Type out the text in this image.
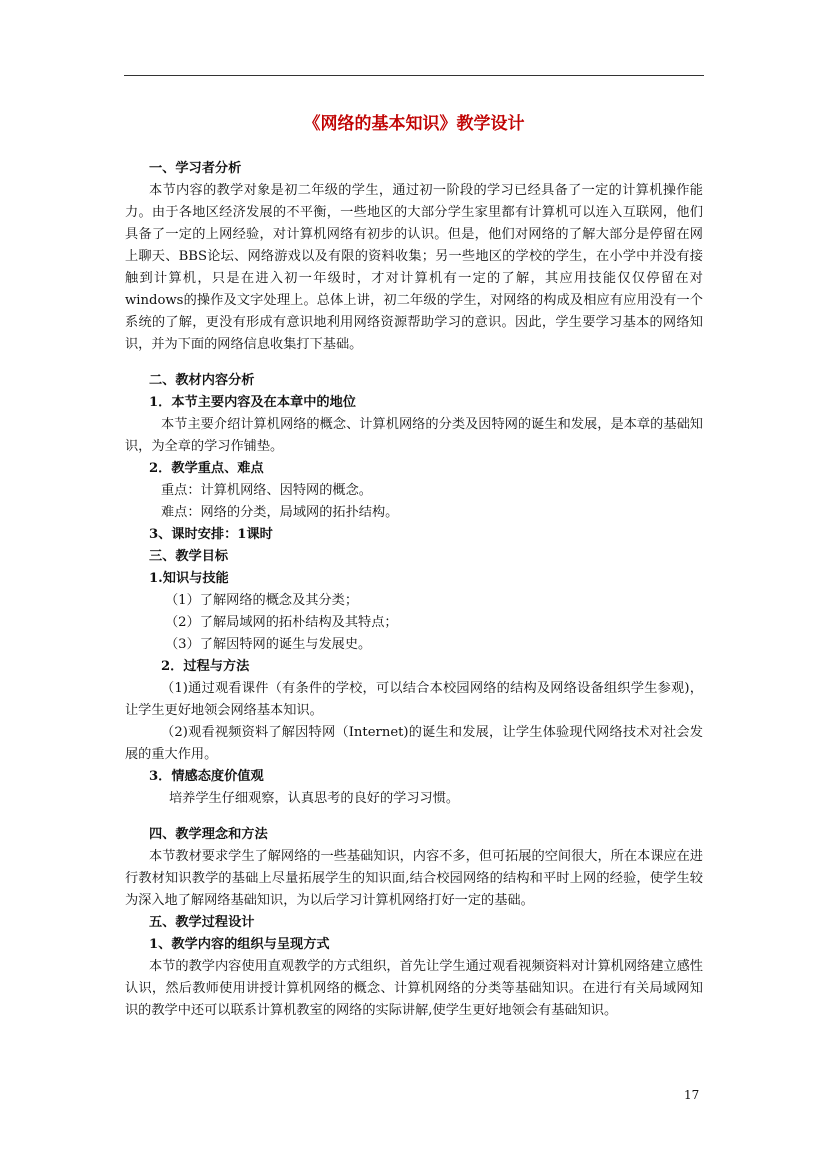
《网络的基本知识》教学设计

一、学习者分析

本节内容的教学对象是初二年级的学生，通过初一阶段的学习已经具备了一定的计算机操作能力。由于各地区经济发展的不平衡，一些地区的大部分学生家里都有计算机可以连入互联网，他们具备了一定的上网经验，对计算机网络有初步的认识。但是，他们对网络的了解大部分是停留在网上聊天、BBS论坛、网络游戏以及有限的资料收集；另一些地区的学校的学生，在小学中并没有接触到计算机，只是在进入初一年级时，才对计算机有一定的了解，其应用技能仅仅停留在对windows的操作及文字处理上。总体上讲，初二年级的学生，对网络的构成及相应有应用没有一个系统的了解，更没有形成有意识地利用网络资源帮助学习的意识。因此，学生要学习基本的网络知识，并为下面的网络信息收集打下基础。

二、教材内容分析

1．本节主要内容及在本章中的地位

本节主要介绍计算机网络的概念、计算机网络的分类及因特网的诞生和发展，是本章的基础知识，为全章的学习作铺垫。

2．教学重点、难点

重点：计算机网络、因特网的概念。

难点：网络的分类，局域网的拓扑结构。

3、课时安排：1课时

三、教学目标

1.知识与技能

（1）了解网络的概念及其分类；

（2）了解局域网的拓朴结构及其特点；

（3）了解因特网的诞生与发展史。

2．过程与方法

（1)通过观看课件（有条件的学校，可以结合本校园网络的结构及网络设备组织学生参观)，让学生更好地领会网络基本知识。

（2)观看视频资料了解因特网（Internet)的诞生和发展，让学生体验现代网络技术对社会发展的重大作用。

3．情感态度价值观

培养学生仔细观察，认真思考的良好的学习习惯。

四、教学理念和方法

本节教材要求学生了解网络的一些基础知识，内容不多，但可拓展的空间很大，所在本课应在进行教材知识教学的基础上尽量拓展学生的知识面,结合校园网络的结构和平时上网的经验，使学生较为深入地了解网络基础知识，为以后学习计算机网络打好一定的基础。

五、教学过程设计

1、教学内容的组织与呈现方式

本节的教学内容使用直观教学的方式组织，首先让学生通过观看视频资料对计算机网络建立感性认识，然后教师使用讲授计算机网络的概念、计算机网络的分类等基础知识。在进行有关局域网知识的教学中还可以联系计算机教室的网络的实际讲解,使学生更好地领会有基础知识。

17
